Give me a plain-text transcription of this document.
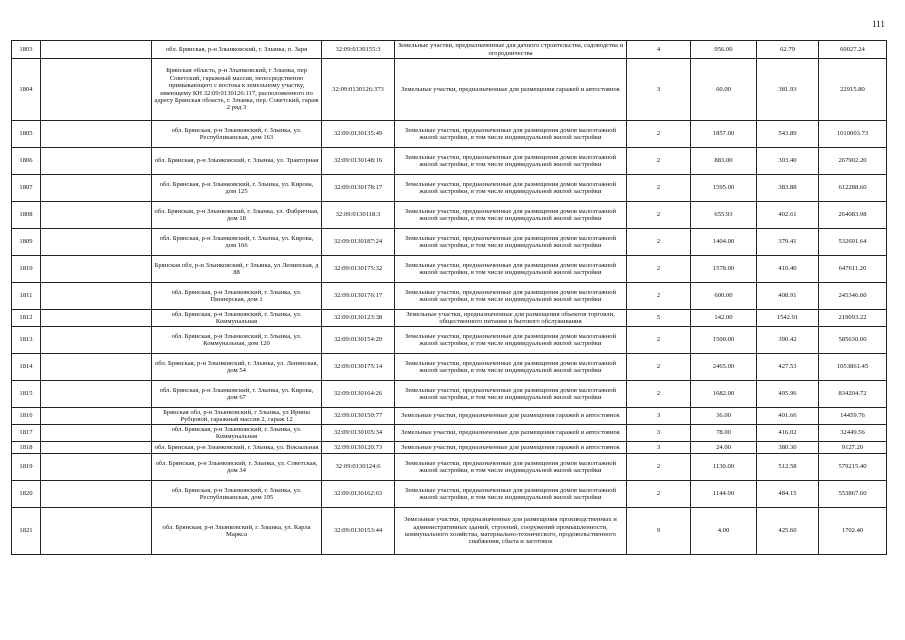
111
1803		обл. Брянская, р-н Злынковский, г. Злынка, п. Заря	32:09:0130155:3	Земельные участки, предназначенные для дачного строительства, садоводства и огородничества	4	956.00	62.79	60027.24
1804		Брянская область, р-н Злынковский, г Злынка, пер Советский, гаражный массив, непосредственно примыкающего с востока к земельному участку, имеющему КН 32:09:0130126:117, расположенного по адресу Брянская область, г. Злынка, пер. Советский, гараж 2 ряд 3	32:09:0130126:373	Земельные участки, предназначенные для размещения гаражей и автостоянок	3	60.00	381.93	22915.80
1805		обл. Брянская, р-н Злынковский, г. Злынка, ул. Республиканская, дом 163	32:09:0130135:49	Земельные участки, предназначенные для размещения домов малоэтажной жилой застройки, в том числе индивидуальной жилой застройки	2	1857.00	543.89	1010003.73
1806		обл. Брянская, р-н Злынковский, г. Злынка, ул. Тракторная	32:09:0130148:16	Земельные участки, предназначенные для размещения домов малоэтажной жилой застройки, в том числе индивидуальной жилой застройки	2	883.00	303.40	267902.20
1807		обл. Брянская, р-н Злынковский, г. Злынка, ул. Кирова, дом 125	32:09:0130178:17	Земельные участки, предназначенные для размещения домов малоэтажной жилой застройки, в том числе индивидуальной жилой застройки	2	1595.00	383.88	612288.60
1808		обл. Брянская, р-н Злынковский, г. Злынка, ул. Фабричная, дом 18	32:09:0130118:3	Земельные участки, предназначенные для размещения домов малоэтажной жилой застройки, в том числе индивидуальной жилой застройки	2	655.93	402.61	264083.98
1809		обл. Брянская, р-н Злынковский, г. Злынка, ул. Кирова, дом 166	32:09:0130187:24	Земельные участки, предназначенные для размещения домов малоэтажной жилой застройки, в том числе индивидуальной жилой застройки	2	1404.00	379.41	532691.64
1810		Брянская обл, р-н Злынковский, г Злынка, ул Ленинская, д 88	32:09:0130175:32	Земельные участки, предназначенные для размещения домов малоэтажной жилой застройки, в том числе индивидуальной жилой застройки	2	1578.00	410.40	647611.20
1811		обл. Брянская, р-н Злынковский, г. Злынка, ул. Пионерская, дом 1	32:09:0130176:17	Земельные участки, предназначенные для размещения домов малоэтажной жилой застройки, в том числе индивидуальной жилой застройки	2	600.00	408.91	245346.00
1812		обл. Брянская, р-н Злынковский, г. Злынка, ул. Коммунальная	32:09:0130123:38	Земельные участки, предназначенные для размещения объектов торговли, общественного питания и бытового обслуживания	5	142.00	1542.91	219093.22
1813		обл. Брянская, р-н Злынковский, г. Злынка, ул. Коммунальная, дом 120	32:09:0130154:20	Земельные участки, предназначенные для размещения домов малоэтажной жилой застройки, в том числе индивидуальной жилой застройки	2	1500.00	390.42	585630.00
1814		обл. Брянская, р-н Злынковский, г. Злынка, ул. Ленинская, дом 54	32:09:0130175:14	Земельные участки, предназначенные для размещения домов малоэтажной жилой застройки, в том числе индивидуальной жилой застройки	2	2465.00	427.53	1053861.45
1815		обл. Брянская, р-н Злынковский, г. Злынка, ул. Кирова, дом 67	32:09:0130164:26	Земельные участки, предназначенные для размещения домов малоэтажной жилой застройки, в том числе индивидуальной жилой застройки	2	1682.00	495.96	834204.72
1816		Брянская обл, р-н Злынковский, г Злынка, ул Ирины Рубцовой, гаражный массив 2, гараж 12	32:09:0130150:77	Земельные участки, предназначенные для размещения гаражей и автостоянок	3	36.00	401.66	14459.76
1817		обл. Брянская, р-н Злынковский, г. Злынка, ул. Коммунальная	32:09:0130105:34	Земельные участки, предназначенные для размещения гаражей и автостоянок	3	78.00	416.02	32449.56
1818		обл. Брянская, р-н Злынковский, г. Злынка, ул. Вокзальная	32:09:0130120:73	Земельные участки, предназначенные для размещения гаражей и автостоянок	3	24.00	380.30	9127.20
1819		обл. Брянская, р-н Злынковский, г. Злынка, ул. Советская, дом 34	32:09:0130124:6	Земельные участки, предназначенные для размещения домов малоэтажной жилой застройки, в том числе индивидуальной жилой застройки	2	1130.00	512.58	579215.40
1820		обл. Брянская, р-н Злынковский, г. Злынка, ул. Республиканская, дом 195	32:09:0130162:63	Земельные участки, предназначенные для размещения домов малоэтажной жилой застройки, в том числе индивидуальной жилой застройки	2	1144.00	484.15	553867.60
1821		обл. Брянская, р-н Злынковский, г. Злынка, ул. Карла Маркса	32:09:0130153:44	Земельные участки, предназначенные для размещения производственных и административных зданий, строений, сооружений промышленности, коммунального хозяйства, материально-технического, продовольственного снабжения, сбыта и заготовок	9	4.00	425.60	1702.40
